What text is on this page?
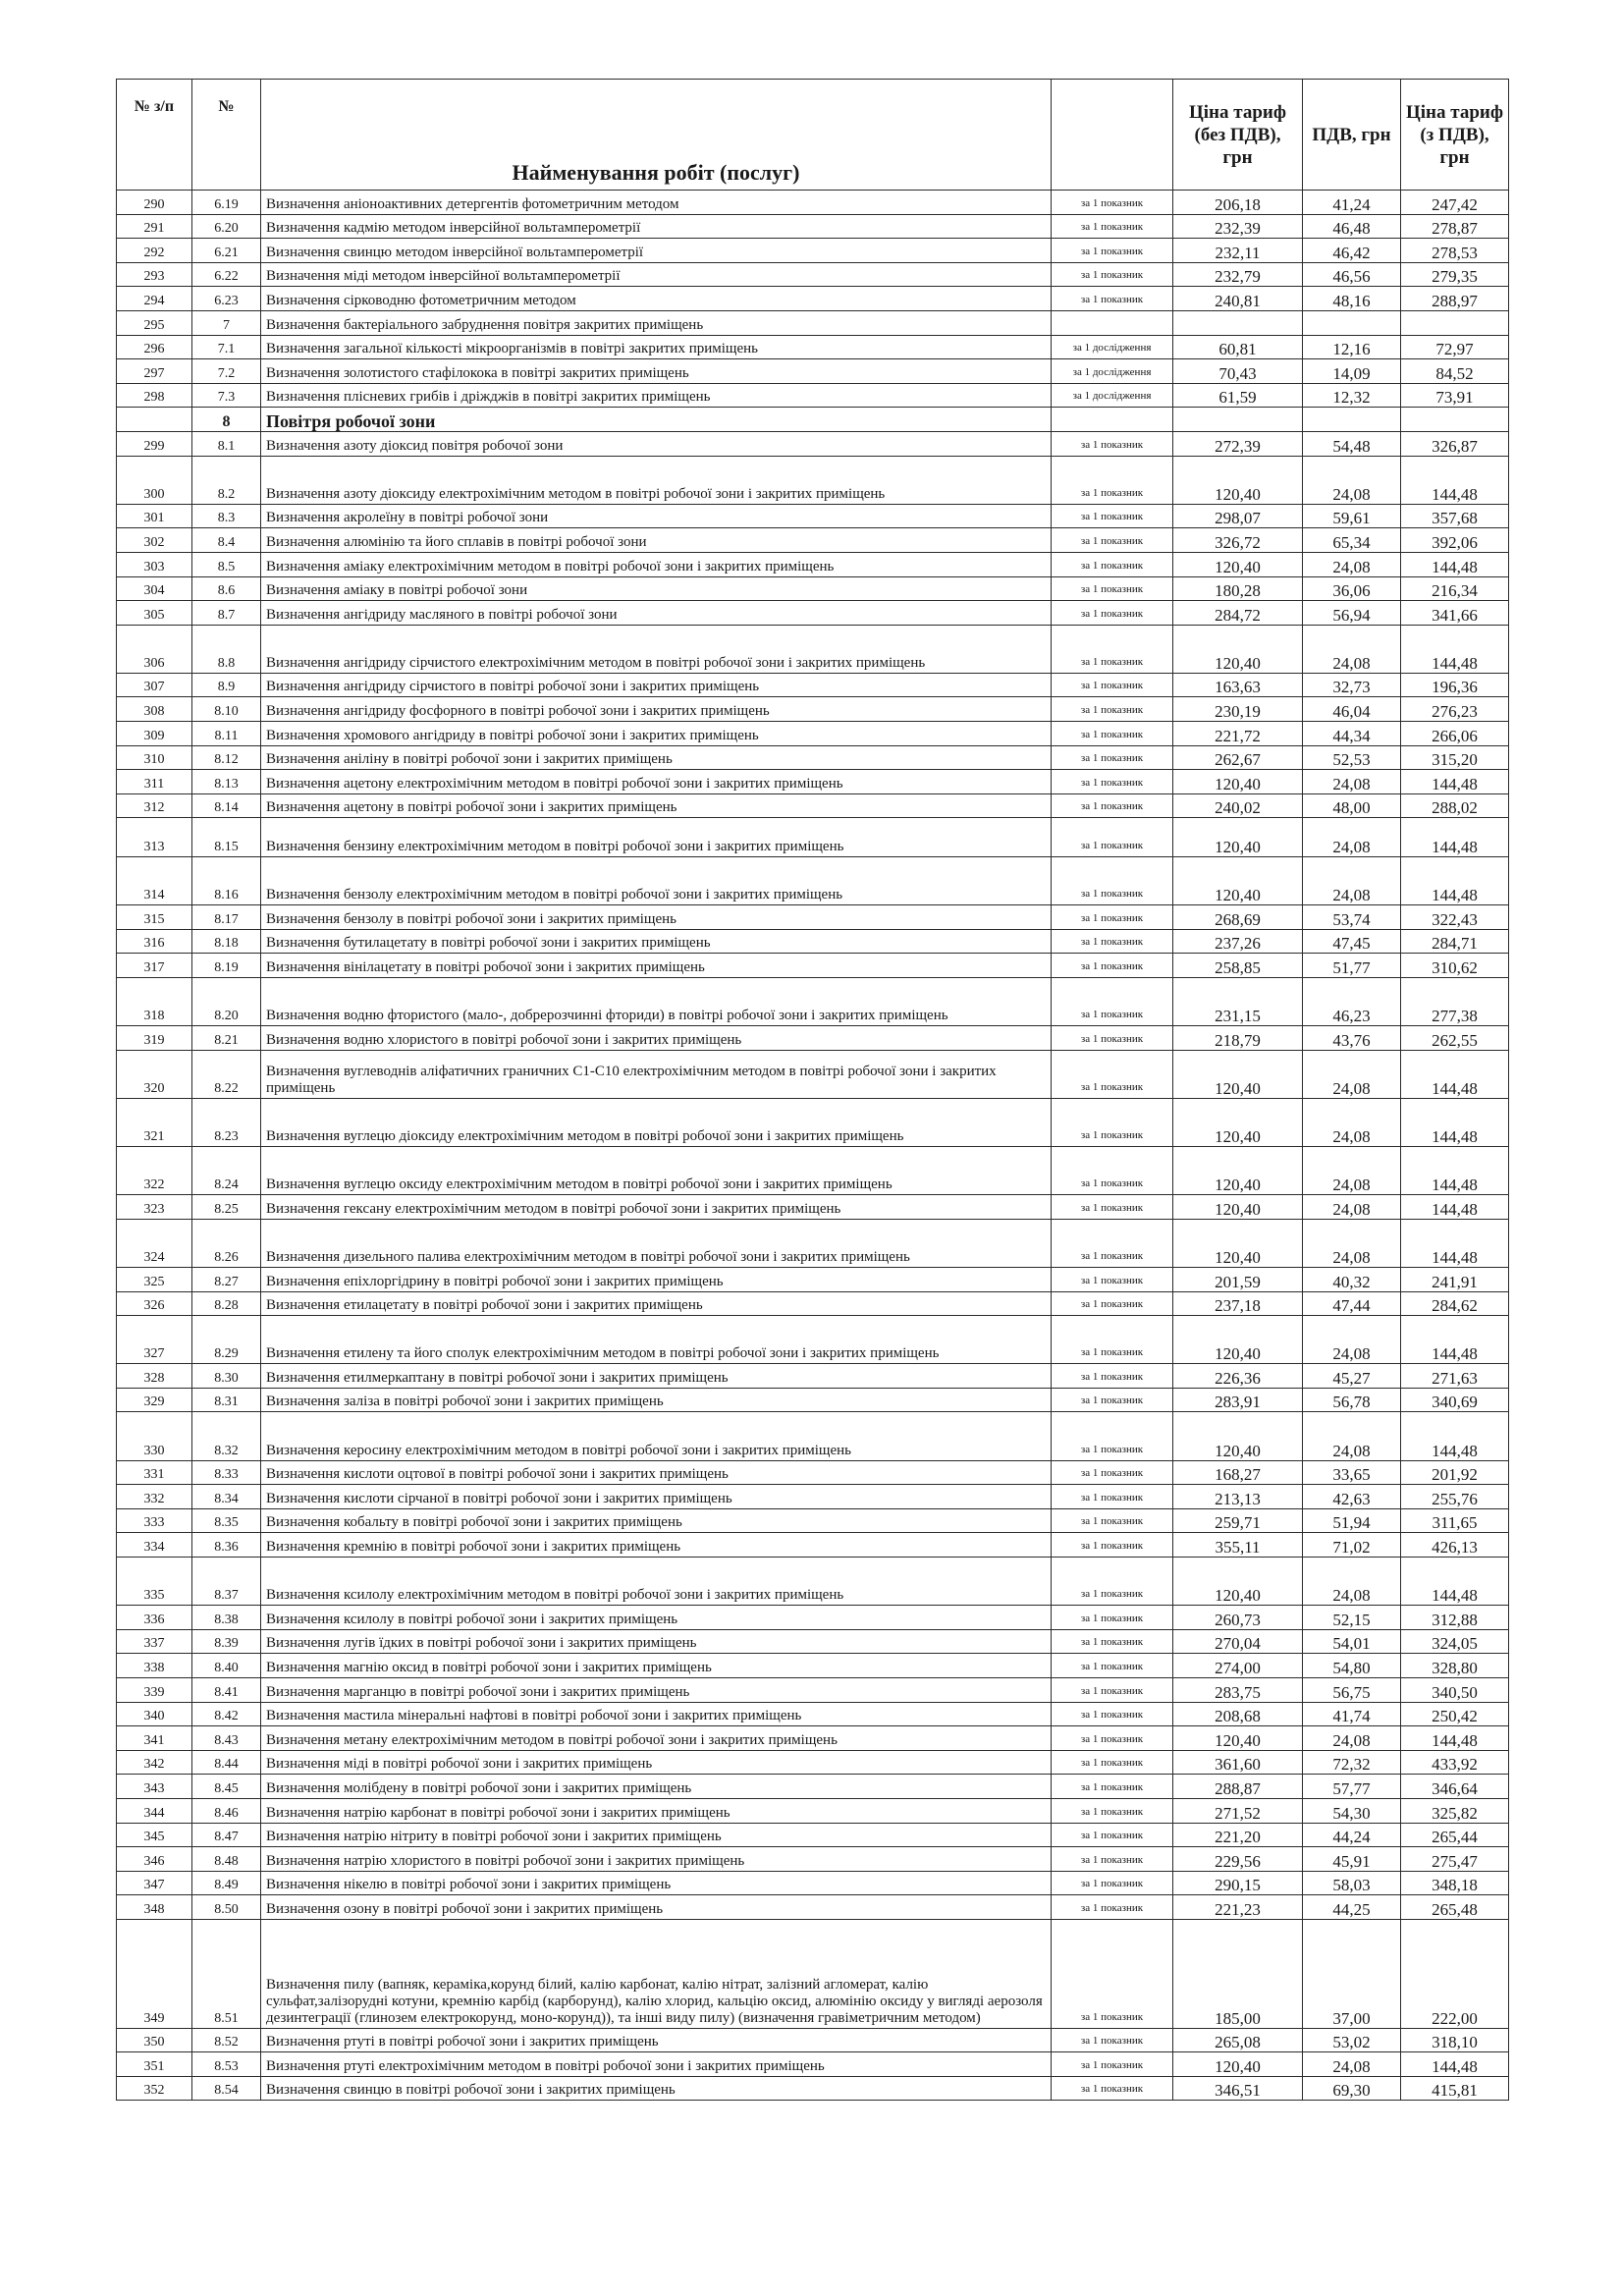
№ з/п	№	Найменування робіт (послуг)		Ціна тариф (без ПДВ), грн	ПДВ, грн	Ціна тариф (з ПДВ), грн
290	6.19	Визначення аніоноактивних детергентів фотометричним методом	за 1 показник	206,18	41,24	247,42
291	6.20	Визначення кадмію методом інверсійної вольтамперометрії	за 1 показник	232,39	46,48	278,87
292	6.21	Визначення свинцю методом інверсійної вольтамперометрії	за 1 показник	232,11	46,42	278,53
293	6.22	Визначення міді методом інверсійної вольтамперометрії	за 1 показник	232,79	46,56	279,35
294	6.23	Визначення сірководню фотометричним методом	за 1 показник	240,81	48,16	288,97
295	7	Визначення бактеріального забруднення повітря закритих приміщень				
296	7.1	Визначення загальної кількості мікроорганізмів в повітрі закритих приміщень	за 1 дослідження	60,81	12,16	72,97
297	7.2	Визначення золотистого стафілокока в повітрі закритих приміщень	за 1 дослідження	70,43	14,09	84,52
298	7.3	Визначення плісневих грибів і дріжджів в повітрі закритих приміщень	за 1 дослідження	61,59	12,32	73,91
	8	Повітря робочої зони				
299	8.1	Визначення азоту діоксид повітря робочої зони	за 1 показник	272,39	54,48	326,87
300	8.2	Визначення азоту діоксиду електрохімічним методом в повітрі робочої зони і закритих приміщень	за 1 показник	120,40	24,08	144,48
301	8.3	Визначення акролеїну в повітрі робочої зони	за 1 показник	298,07	59,61	357,68
302	8.4	Визначення алюмінію та його сплавів в повітрі робочої зони	за 1 показник	326,72	65,34	392,06
303	8.5	Визначення аміаку електрохімічним методом в повітрі робочої зони і закритих приміщень	за 1 показник	120,40	24,08	144,48
304	8.6	Визначення аміаку в повітрі робочої зони	за 1 показник	180,28	36,06	216,34
305	8.7	Визначення ангідриду масляного в повітрі робочої зони	за 1 показник	284,72	56,94	341,66
306	8.8	Визначення ангідриду сірчистого електрохімічним методом в повітрі робочої зони і закритих приміщень	за 1 показник	120,40	24,08	144,48
307	8.9	Визначення ангідриду сірчистого в повітрі робочої зони і закритих приміщень	за 1 показник	163,63	32,73	196,36
308	8.10	Визначення ангідриду фосфорного в повітрі робочої зони і закритих приміщень	за 1 показник	230,19	46,04	276,23
309	8.11	Визначення хромового ангідриду в повітрі робочої зони і закритих приміщень	за 1 показник	221,72	44,34	266,06
310	8.12	Визначення аніліну в повітрі робочої зони і закритих приміщень	за 1 показник	262,67	52,53	315,20
311	8.13	Визначення ацетону електрохімічним методом в повітрі робочої зони і закритих приміщень	за 1 показник	120,40	24,08	144,48
312	8.14	Визначення ацетону в повітрі робочої зони і закритих приміщень	за 1 показник	240,02	48,00	288,02
313	8.15	Визначення бензину електрохімічним методом в повітрі робочої зони і закритих приміщень	за 1 показник	120,40	24,08	144,48
314	8.16	Визначення бензолу електрохімічним методом в повітрі робочої зони і закритих приміщень	за 1 показник	120,40	24,08	144,48
315	8.17	Визначення бензолу в повітрі робочої зони і закритих приміщень	за 1 показник	268,69	53,74	322,43
316	8.18	Визначення бутилацетату в повітрі робочої зони і закритих приміщень	за 1 показник	237,26	47,45	284,71
317	8.19	Визначення вінілацетату в повітрі робочої зони і закритих приміщень	за 1 показник	258,85	51,77	310,62
318	8.20	Визначення водню фтористого (мало-, добрерозчинні фториди) в повітрі робочої зони і закритих приміщень	за 1 показник	231,15	46,23	277,38
319	8.21	Визначення водню хлористого в повітрі робочої зони і закритих приміщень	за 1 показник	218,79	43,76	262,55
320	8.22	Визначення вуглеводнів аліфатичних граничних С1-С10 електрохімічним методом в повітрі робочої зони і закритих приміщень	за 1 показник	120,40	24,08	144,48
321	8.23	Визначення вуглецю діоксиду електрохімічним методом в повітрі робочої зони і закритих приміщень	за 1 показник	120,40	24,08	144,48
322	8.24	Визначення вуглецю оксиду електрохімічним методом в повітрі робочої зони і закритих приміщень	за 1 показник	120,40	24,08	144,48
323	8.25	Визначення гексану електрохімічним методом в повітрі робочої зони і закритих приміщень	за 1 показник	120,40	24,08	144,48
324	8.26	Визначення дизельного палива електрохімічним методом в повітрі робочої зони і закритих приміщень	за 1 показник	120,40	24,08	144,48
325	8.27	Визначення епіхлоргідрину в повітрі робочої зони і закритих приміщень	за 1 показник	201,59	40,32	241,91
326	8.28	Визначення етилацетату в повітрі робочої зони і закритих приміщень	за 1 показник	237,18	47,44	284,62
327	8.29	Визначення етилену та його сполук електрохімічним методом в повітрі робочої зони і закритих приміщень	за 1 показник	120,40	24,08	144,48
328	8.30	Визначення етилмеркаптану в повітрі робочої зони і закритих приміщень	за 1 показник	226,36	45,27	271,63
329	8.31	Визначення заліза в повітрі робочої зони і закритих приміщень	за 1 показник	283,91	56,78	340,69
330	8.32	Визначення керосину електрохімічним методом в повітрі робочої зони і закритих приміщень	за 1 показник	120,40	24,08	144,48
331	8.33	Визначення кислоти оцтової в повітрі робочої зони і закритих приміщень	за 1 показник	168,27	33,65	201,92
332	8.34	Визначення кислоти сірчаної в повітрі робочої зони і закритих приміщень	за 1 показник	213,13	42,63	255,76
333	8.35	Визначення кобальту в повітрі робочої зони і закритих приміщень	за 1 показник	259,71	51,94	311,65
334	8.36	Визначення кремнію в повітрі робочої зони і закритих приміщень	за 1 показник	355,11	71,02	426,13
335	8.37	Визначення ксилолу електрохімічним методом в повітрі робочої зони і закритих приміщень	за 1 показник	120,40	24,08	144,48
336	8.38	Визначення ксилолу в повітрі робочої зони і закритих приміщень	за 1 показник	260,73	52,15	312,88
337	8.39	Визначення лугів їдких в повітрі робочої зони і закритих приміщень	за 1 показник	270,04	54,01	324,05
338	8.40	Визначення магнію оксид в повітрі робочої зони і закритих приміщень	за 1 показник	274,00	54,80	328,80
339	8.41	Визначення марганцю в повітрі робочої зони і закритих приміщень	за 1 показник	283,75	56,75	340,50
340	8.42	Визначення мастила мінеральні нафтові в повітрі робочої зони і закритих приміщень	за 1 показник	208,68	41,74	250,42
341	8.43	Визначення метану електрохімічним методом в повітрі робочої зони і закритих приміщень	за 1 показник	120,40	24,08	144,48
342	8.44	Визначення міді в повітрі робочої зони і закритих приміщень	за 1 показник	361,60	72,32	433,92
343	8.45	Визначення молібдену в повітрі робочої зони і закритих приміщень	за 1 показник	288,87	57,77	346,64
344	8.46	Визначення натрію карбонат в повітрі робочої зони і закритих приміщень	за 1 показник	271,52	54,30	325,82
345	8.47	Визначення натрію нітриту в повітрі робочої зони і закритих приміщень	за 1 показник	221,20	44,24	265,44
346	8.48	Визначення натрію хлористого в повітрі робочої зони і закритих приміщень	за 1 показник	229,56	45,91	275,47
347	8.49	Визначення нікелю в повітрі робочої зони і закритих приміщень	за 1 показник	290,15	58,03	348,18
348	8.50	Визначення озону в повітрі робочої зони і закритих приміщень	за 1 показник	221,23	44,25	265,48
349	8.51	Визначення пилу (вапняк, кераміка,корунд білий, калію карбонат, калію нітрат, залізний агломерат, калію сульфат,залізорудні котуни, кремнію карбід (карборунд), калію хлорид, кальцію оксид, алюмінію оксиду у вигляді аерозоля дезинтеграції (глинозем електрокорунд, моно-корунд)), та інші виду пилу) (визначення гравіметричним методом)	за 1 показник	185,00	37,00	222,00
350	8.52	Визначення ртуті в повітрі робочої зони і закритих приміщень	за 1 показник	265,08	53,02	318,10
351	8.53	Визначення ртуті електрохімічним методом в повітрі робочої зони і закритих приміщень	за 1 показник	120,40	24,08	144,48
352	8.54	Визначення свинцю в повітрі робочої зони і закритих приміщень	за 1 показник	346,51	69,30	415,81
